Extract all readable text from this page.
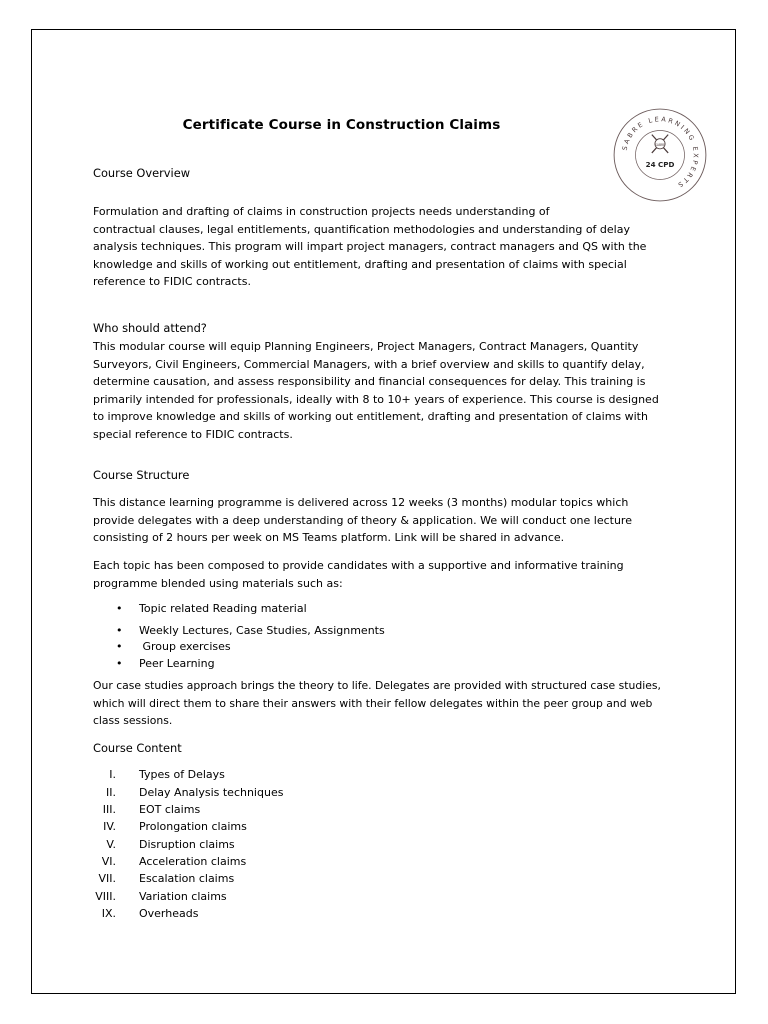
Certificate Course in Construction Claims
SABRE LEARNING EXPERTS
24 CPD
SABRE
Course Overview
Formulation and drafting of claims in construction projects needs understanding of
contractual clauses, legal entitlements, quantification methodologies and understanding of delay
analysis techniques. This program will impart project managers, contract managers and QS with the
knowledge and skills of working out entitlement, drafting and presentation of claims with special
reference to FIDIC contracts.
Who should attend?
This modular course will equip Planning Engineers, Project Managers, Contract Managers, Quantity
Surveyors, Civil Engineers, Commercial Managers, with a brief overview and skills to quantify delay,
determine causation, and assess responsibility and financial consequences for delay. This training is
primarily intended for professionals, ideally with 8 to 10+ years of experience. This course is designed
to improve knowledge and skills of working out entitlement, drafting and presentation of claims with
special reference to FIDIC contracts.
Course Structure
This distance learning programme is delivered across 12 weeks (3 months) modular topics which
provide delegates with a deep understanding of theory & application. We will conduct one lecture
consisting of 2 hours per week on MS Teams platform. Link will be shared in advance.
Each topic has been composed to provide candidates with a supportive and informative training
programme blended using materials such as:
• Topic related Reading material
• Weekly Lectures, Case Studies, Assignments
• Group exercises
• Peer Learning
Our case studies approach brings the theory to life. Delegates are provided with structured case studies,
which will direct them to share their answers with their fellow delegates within the peer group and web
class sessions.
Course Content
I. Types of Delays
II. Delay Analysis techniques
III. EOT claims
IV. Prolongation claims
V. Disruption claims
VI. Acceleration claims
VII. Escalation claims
VIII. Variation claims
IX. Overheads
